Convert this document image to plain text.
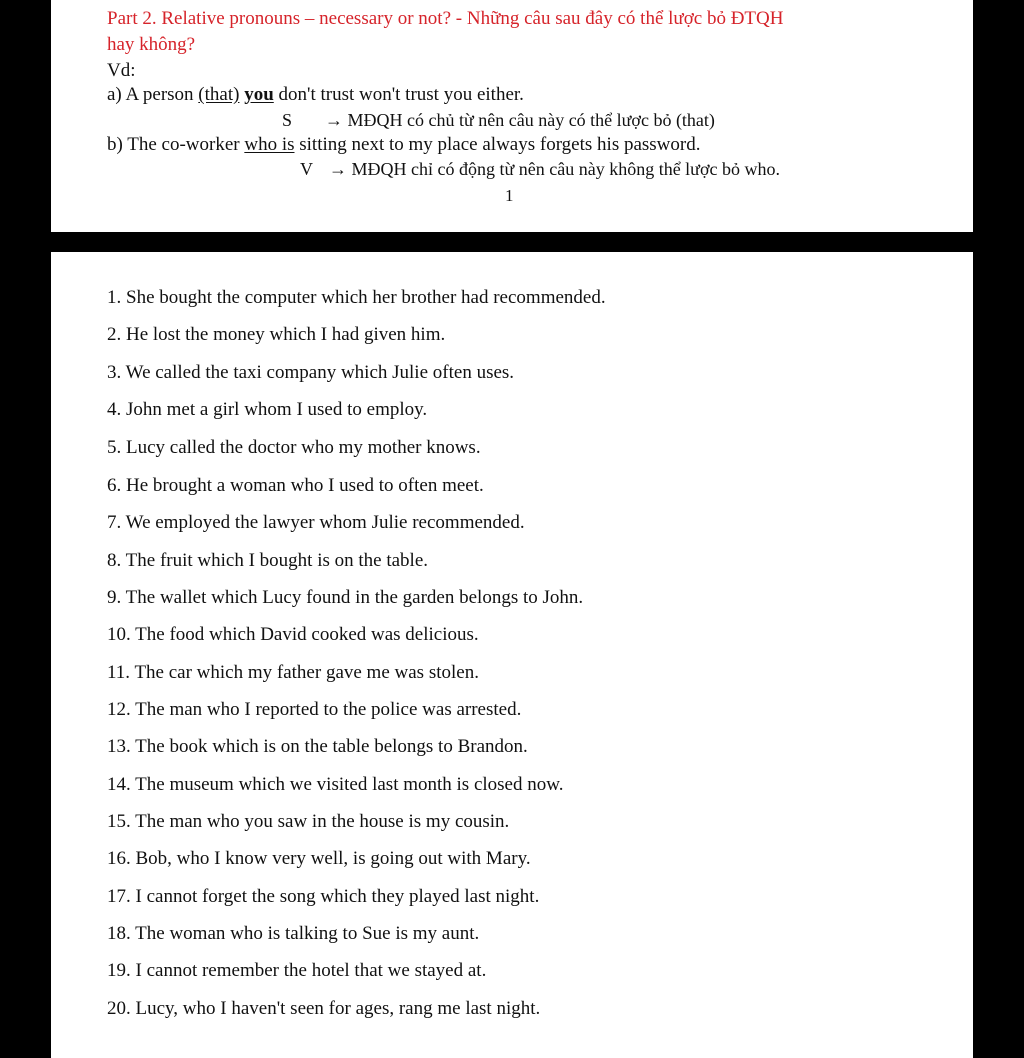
Part 2. Relative pronouns – necessary or not? - Những câu sau đây có thể lược bỏ ĐTQH
hay không?
Vd:
a) A person (that) you don't trust won't trust you either.
S → MĐQH có chủ từ nên câu này có thể lược bỏ (that)
b) The co-worker who is sitting next to my place always forgets his password.
V → MĐQH chỉ có động từ nên câu này không thể lược bỏ who.
1
1. She bought the computer which her brother had recommended.
2. He lost the money which I had given him.
3. We called the taxi company which Julie often uses.
4. John met a girl whom I used to employ.
5. Lucy called the doctor who my mother knows.
6. He brought a woman who I used to often meet.
7. We employed the lawyer whom Julie recommended.
8. The fruit which I bought is on the table.
9. The wallet which Lucy found in the garden belongs to John.
10. The food which David cooked was delicious.
11. The car which my father gave me was stolen.
12. The man who I reported to the police was arrested.
13. The book which is on the table belongs to Brandon.
14. The museum which we visited last month is closed now.
15. The man who you saw in the house is my cousin.
16. Bob, who I know very well, is going out with Mary.
17. I cannot forget the song which they played last night.
18. The woman who is talking to Sue is my aunt.
19. I cannot remember the hotel that we stayed at.
20. Lucy, who I haven't seen for ages, rang me last night.
